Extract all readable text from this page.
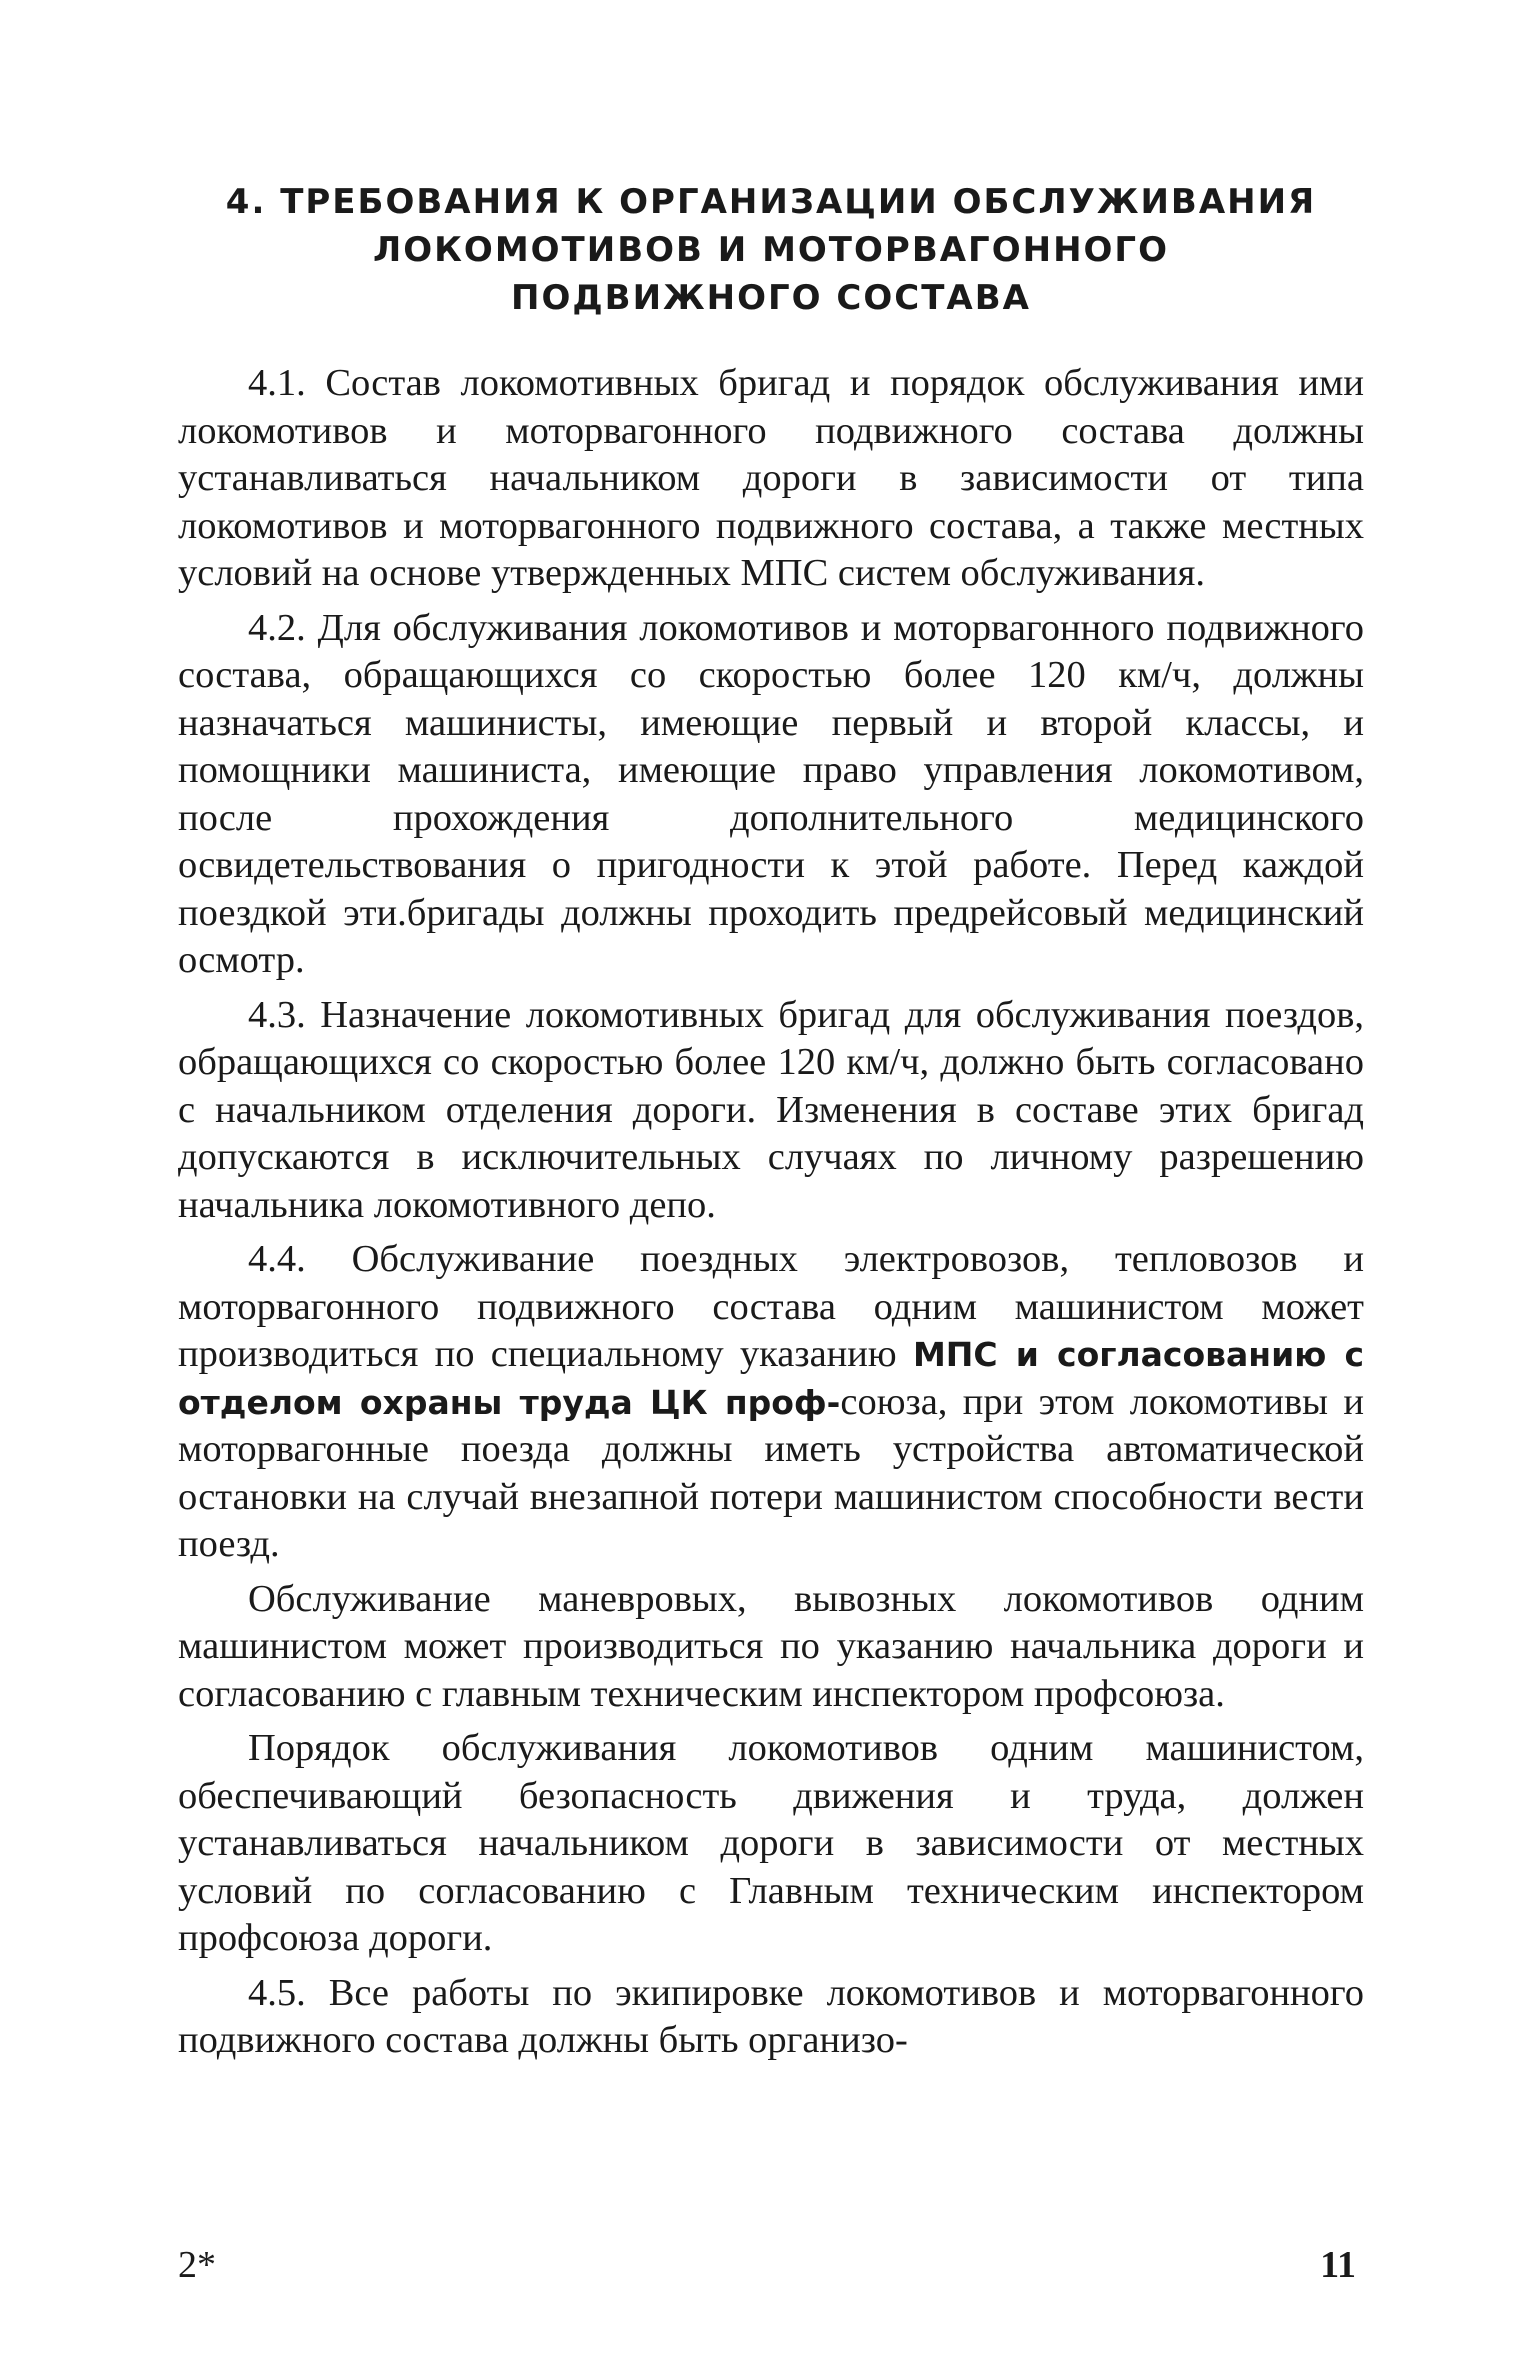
4. ТРЕБОВАНИЯ К ОРГАНИЗАЦИИ ОБСЛУЖИВАНИЯ
ЛОКОМОТИВОВ И МОТОРВАГОННОГО
ПОДВИЖНОГО СОСТАВА

4.1. Состав локомотивных бригад и порядок обслуживания ими локомотивов и моторвагонного подвижного состава должны устанавливаться начальником дороги в зависимости от типа локомотивов и моторвагонного подвижного состава, а также местных условий на основе утвержденных МПС систем обслуживания.

4.2. Для обслуживания локомотивов и моторвагонного подвижного состава, обращающихся со скоростью более 120 км/ч, должны назначаться машинисты, имеющие первый и второй классы, и помощники машиниста, имеющие право управления локомотивом, после прохождения дополнительного медицинского освидетельствования о пригодности к этой работе. Перед каждой поездкой эти.бригады должны проходить предрейсовый медицинский осмотр.

4.3. Назначение локомотивных бригад для обслуживания поездов, обращающихся со скоростью более 120 км/ч, должно быть согласовано с начальником отделения дороги. Изменения в составе этих бригад допускаются в исключительных случаях по личному разрешению начальника локомотивного депо.

4.4. Обслуживание поездных электровозов, тепловозов и моторвагонного подвижного состава одним машинистом может производиться по специальному указанию МПС и согласованию с отделом охраны труда ЦК проф-союза, при этом локомотивы и моторвагонные поезда должны иметь устройства автоматической остановки на случай внезапной потери машинистом способности вести поезд.

Обслуживание маневровых, вывозных локомотивов одним машинистом может производиться по указанию начальника дороги и согласованию с главным техническим инспектором профсоюза.

Порядок обслуживания локомотивов одним машинистом, обеспечивающий безопасность движения и труда, должен устанавливаться начальником дороги в зависимости от местных условий по согласованию с Главным техническим инспектором профсоюза дороги.

4.5. Все работы по экипировке локомотивов и моторвагонного подвижного состава должны быть организо-

2*	11
